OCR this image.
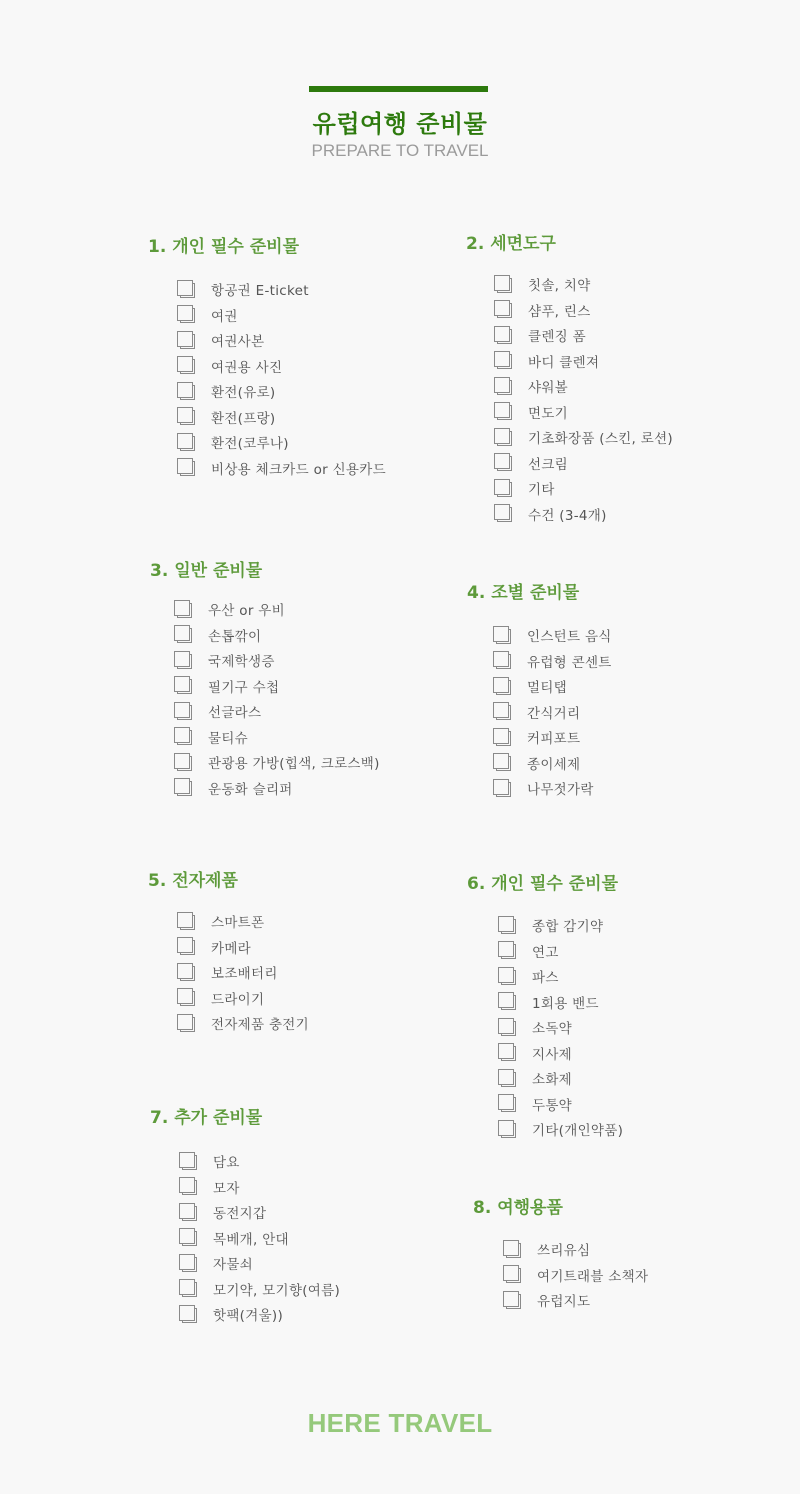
유럽여행 준비물
PREPARE TO TRAVEL
1. 개인 필수 준비물
항공권 E-ticket
여권
여권사본
여권용 사진
환전(유로)
환전(프랑)
환전(코루나)
비상용 체크카드 or 신용카드
2. 세면도구
칫솔, 치약
샴푸, 린스
클렌징 폼
바디 클렌져
샤워볼
면도기
기초화장품 (스킨, 로션)
선크림
기타
수건 (3-4개)
3. 일반 준비물
우산 or 우비
손톱깎이
국제학생증
필기구 수첩
선글라스
물티슈
관광용 가방(힙색, 크로스백)
운동화 슬리퍼
4. 조별 준비물
인스턴트 음식
유럽형 콘센트
멀티탭
간식거리
커피포트
종이세제
나무젓가락
5. 전자제품
스마트폰
카메라
보조배터리
드라이기
전자제품 충전기
6. 개인 필수 준비물
종합 감기약
연고
파스
1회용 밴드
소독약
지사제
소화제
두통약
기타(개인약품)
7. 추가 준비물
담요
모자
동전지갑
목베개, 안대
자물쇠
모기약, 모기향(여름)
핫팩(겨울))
8. 여행용품
쓰리유심
여기트래블 소책자
유럽지도
HERE TRAVEL
